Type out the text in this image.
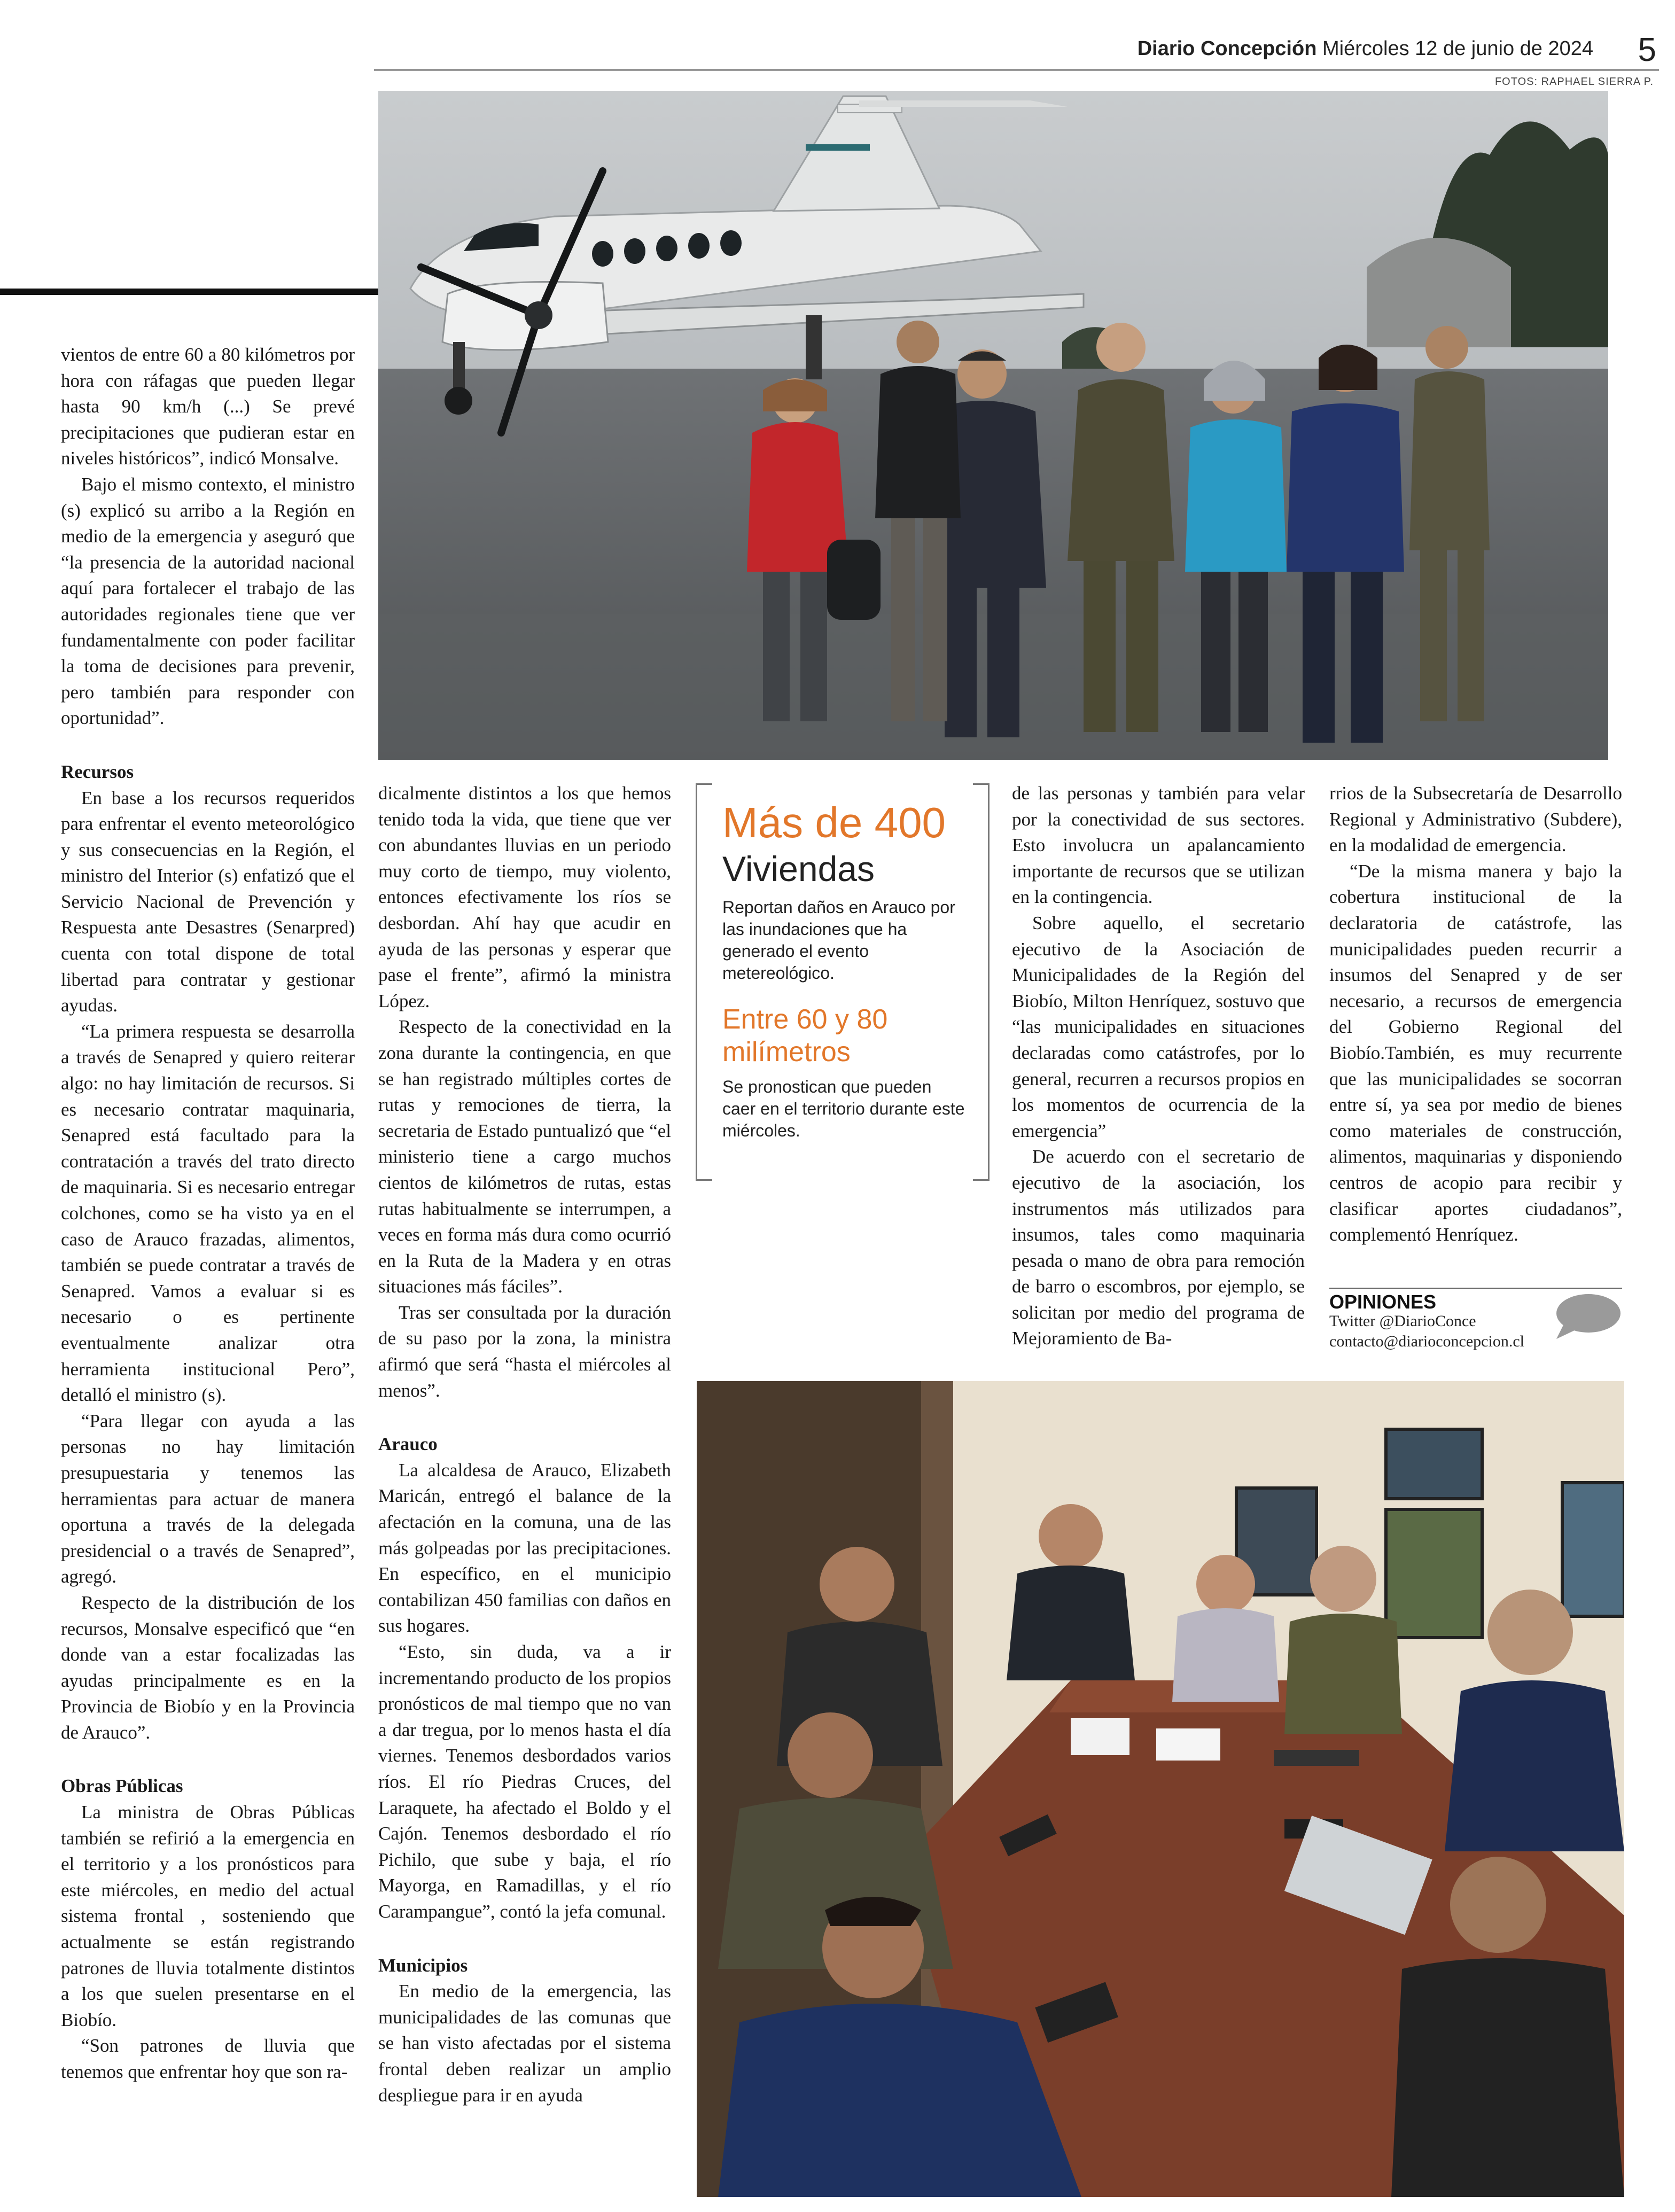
Diario Concepción Miércoles 12 de junio de 2024 5
FOTOS: RAPHAEL SIERRA P.

vientos de entre 60 a 80 kilómetros por hora con ráfagas que pueden llegar hasta 90 km/h (...) Se prevé precipitaciones que pudieran estar en niveles históricos”, indicó Monsalve.

Bajo el mismo contexto, el ministro (s) explicó su arribo a la Región en medio de la emergencia y aseguró que “la presencia de la autoridad nacional aquí para fortalecer el trabajo de las autoridades regionales tiene que ver fundamentalmente con poder facilitar la toma de decisiones para prevenir, pero también para responder con oportunidad”.

Recursos

En base a los recursos requeridos para enfrentar el evento meteorológico y sus consecuencias en la Región, el ministro del Interior (s) enfatizó que el Servicio Nacional de Prevención y Respuesta ante Desastres (Senarpred) cuenta con total dispone de total libertad para contratar y gestionar ayudas.

“La primera respuesta se desarrolla a través de Senapred y quiero reiterar algo: no hay limitación de recursos. Si es necesario contratar maquinaria, Senapred está facultado para la contratación a través del trato directo de maquinaria. Si es necesario entregar colchones, como se ha visto ya en el caso de Arauco frazadas, alimentos, también se puede contratar a través de Senapred. Vamos a evaluar si es necesario o es pertinente eventualmente analizar otra herramienta institucional Pero”, detalló el ministro (s).

“Para llegar con ayuda a las personas no hay limitación presupuestaria y tenemos las herramientas para actuar de manera oportuna a través de la delegada presidencial o a través de Senapred”, agregó.

Respecto de la distribución de los recursos, Monsalve especificó que “en donde van a estar focalizadas las ayudas principalmente es en la Provincia de Biobío y en la Provincia de Arauco”.

Obras Públicas

La ministra de Obras Públicas también se refirió a la emergencia en el territorio y a los pronósticos para este miércoles, en medio del actual sistema frontal , sosteniendo que actualmente se están registrando patrones de lluvia totalmente distintos a los que suelen presentarse en el Biobío.

“Son patrones de lluvia que tenemos que enfrentar hoy que son ra-

dicalmente distintos a los que hemos tenido toda la vida, que tiene que ver con abundantes lluvias en un periodo muy corto de tiempo, muy violento, entonces efectivamente los ríos se desbordan. Ahí hay que acudir en ayuda de las personas y esperar que pase el frente”, afirmó la ministra López.

Respecto de la conectividad en la zona durante la contingencia, en que se han registrado múltiples cortes de rutas y remociones de tierra, la secretaria de Estado puntualizó que “el ministerio tiene a cargo muchos cientos de kilómetros de rutas, estas rutas habitualmente se interrumpen, a veces en forma más dura como ocurrió en la Ruta de la Madera y en otras situaciones más fáciles”.

Tras ser consultada por la duración de su paso por la zona, la ministra afirmó que será “hasta el miércoles al menos”.

Arauco

La alcaldesa de Arauco, Elizabeth Maricán, entregó el balance de la afectación en la comuna, una de las más golpeadas por las precipitaciones. En específico, en el municipio contabilizan 450 familias con daños en sus hogares.

“Esto, sin duda, va a ir incrementando producto de los propios pronósticos de mal tiempo que no van a dar tregua, por lo menos hasta el día viernes. Tenemos desbordados varios ríos. El río Piedras Cruces, del Laraquete, ha afectado el Boldo y el Cajón. Tenemos desbordado el río Pichilo, que sube y baja, el río Mayorga, en Ramadillas, y el río Carampangue”, contó la jefa comunal.

Municipios

En medio de la emergencia, las municipalidades de las comunas que se han visto afectadas por el sistema frontal deben realizar un amplio despliegue para ir en ayuda

Más de 400
Viviendas
Reportan daños en Arauco por las inundaciones que ha generado el evento metereológico.
Entre 60 y 80 milímetros
Se pronostican que pueden caer en el territorio durante este miércoles.

de las personas y también para velar por la conectividad de sus sectores. Esto involucra un apalancamiento importante de recursos que se utilizan en la contingencia.

Sobre aquello, el secretario ejecutivo de la Asociación de Municipalidades de la Región del Biobío, Milton Henríquez, sostuvo que “las municipalidades en situaciones declaradas como catástrofes, por lo general, recurren a recursos propios en los momentos de ocurrencia de la emergencia”

De acuerdo con el secretario de ejecutivo de la asociación, los instrumentos más utilizados para insumos, tales como maquinaria pesada o mano de obra para remoción de barro o escombros, por ejemplo, se solicitan por medio del programa de Mejoramiento de Ba-

rrios de la Subsecretaría de Desarrollo Regional y Administrativo (Subdere), en la modalidad de emergencia.

“De la misma manera y bajo la cobertura institucional de la declaratoria de catástrofe, las municipalidades pueden recurrir a insumos del Senapred y de ser necesario, a recursos de emergencia del Gobierno Regional del Biobío.También, es muy recurrente que las municipalidades se socorran entre sí, ya sea por medio de bienes como materiales de construcción, alimentos, maquinarias y disponiendo centros de acopio para recibir y clasificar aportes ciudadanos”, complementó Henríquez.

OPINIONES
Twitter @DiarioConce
contacto@diarioconcepcion.cl
